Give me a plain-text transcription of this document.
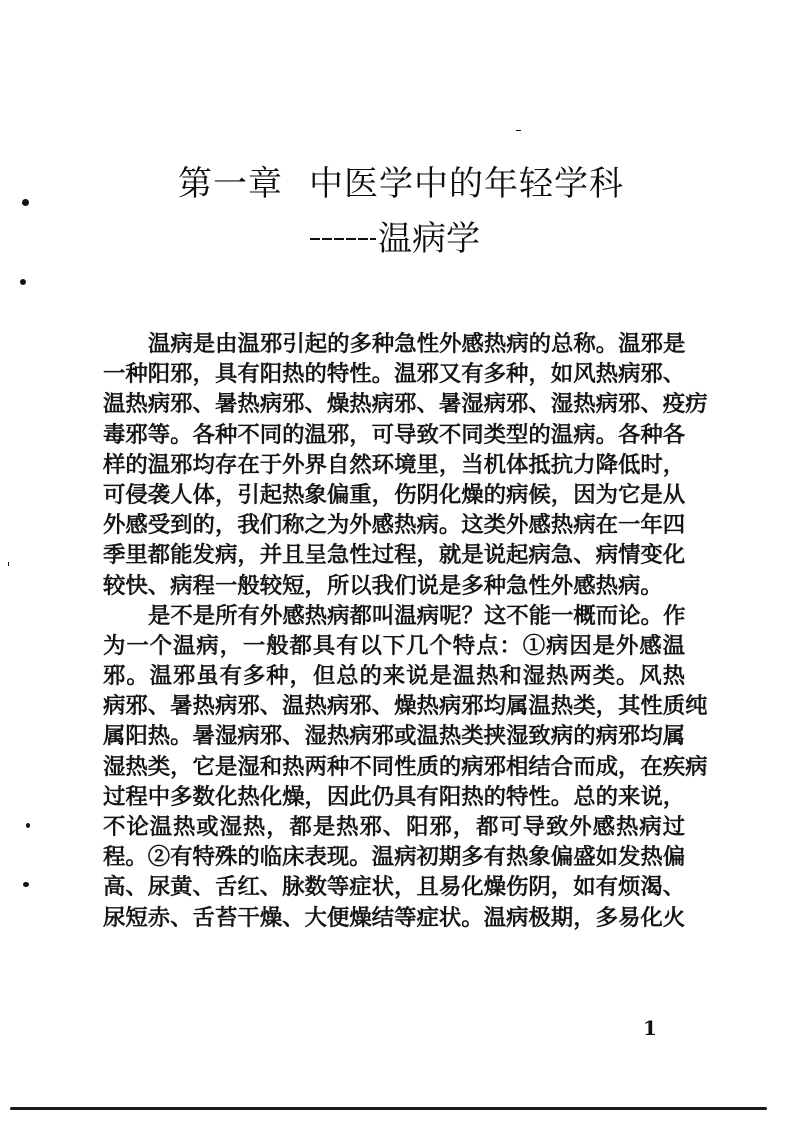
第一章 中医学中的年轻学科
温病学
温病是由温邪引起的多种急性外感热病的总称。温邪是
一种阳邪，具有阳热的特性。温邪又有多种，如风热病邪、
温热病邪、暑热病邪、燥热病邪、暑湿病邪、湿热病邪、疫疠
毒邪等。各种不同的温邪，可导致不同类型的温病。各种各
样的温邪均存在于外界自然环境里，当机体抵抗力降低时，
可侵袭人体，引起热象偏重，伤阴化燥的病候，因为它是从
外感受到的，我们称之为外感热病。这类外感热病在一年四
季里都能发病，并且呈急性过程，就是说起病急、病情变化
较快、病程一般较短，所以我们说是多种急性外感热病。
是不是所有外感热病都叫温病呢？这不能一概而论。作
为一个温病，一般都具有以下几个特点：①病因是外感温
邪。温邪虽有多种，但总的来说是温热和湿热两类。风热
病邪、暑热病邪、温热病邪、燥热病邪均属温热类，其性质纯
属阳热。暑湿病邪、湿热病邪或温热类挟湿致病的病邪均属
湿热类，它是湿和热两种不同性质的病邪相结合而成，在疾病
过程中多数化热化燥，因此仍具有阳热的特性。总的来说，
不论温热或湿热，都是热邪、阳邪，都可导致外感热病过
程。②有特殊的临床表现。温病初期多有热象偏盛如发热偏
高、尿黄、舌红、脉数等症状，且易化燥伤阴，如有烦渴、
尿短赤、舌苔干燥、大便燥结等症状。温病极期，多易化火
1
